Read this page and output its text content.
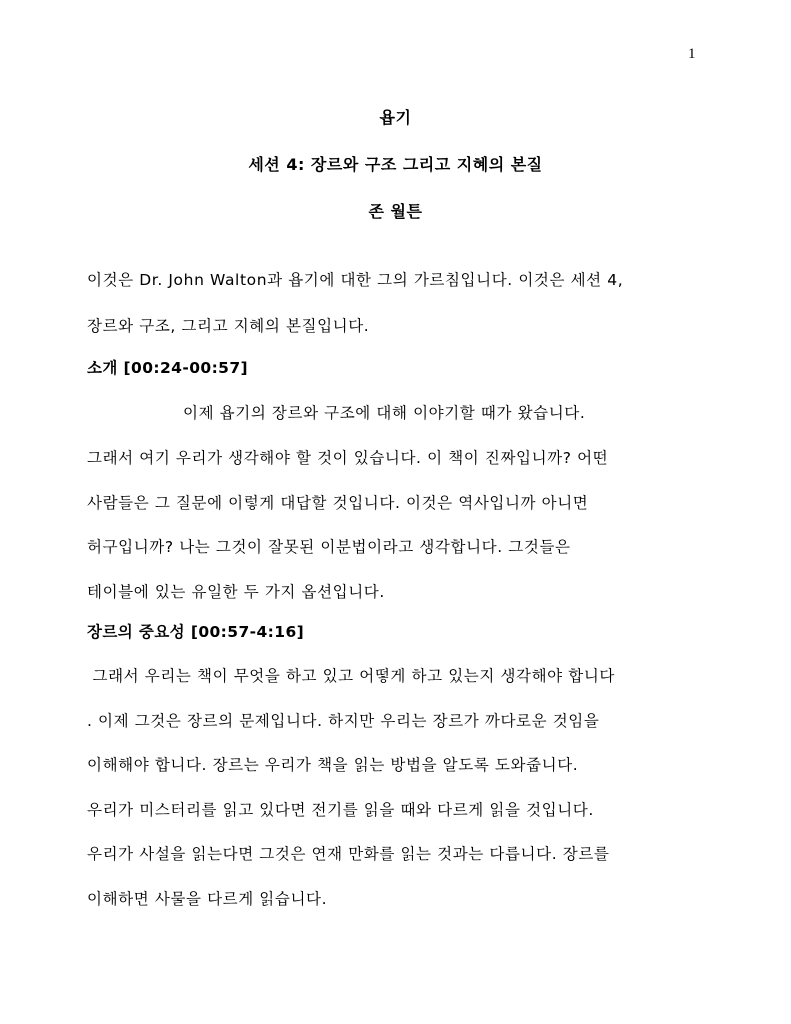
1
욥기
세션 4: 장르와 구조 그리고 지혜의 본질
존 월튼
이것은 Dr. John Walton과 욥기에 대한 그의 가르침입니다. 이것은 세션 4,
장르와 구조, 그리고 지혜의 본질입니다.
소개 [00:24-00:57]
이제 욥기의 장르와 구조에 대해 이야기할 때가 왔습니다.
그래서 여기 우리가 생각해야 할 것이 있습니다. 이 책이 진짜입니까? 어떤
사람들은 그 질문에 이렇게 대답할 것입니다. 이것은 역사입니까 아니면
허구입니까? 나는 그것이 잘못된 이분법이라고 생각합니다. 그것들은
테이블에 있는 유일한 두 가지 옵션입니다.
장르의 중요성 [00:57-4:16]
그래서 우리는 책이 무엇을 하고 있고 어떻게 하고 있는지 생각해야 합니다
. 이제 그것은 장르의 문제입니다. 하지만 우리는 장르가 까다로운 것임을
이해해야 합니다. 장르는 우리가 책을 읽는 방법을 알도록 도와줍니다.
우리가 미스터리를 읽고 있다면 전기를 읽을 때와 다르게 읽을 것입니다.
우리가 사설을 읽는다면 그것은 연재 만화를 읽는 것과는 다릅니다. 장르를
이해하면 사물을 다르게 읽습니다.
